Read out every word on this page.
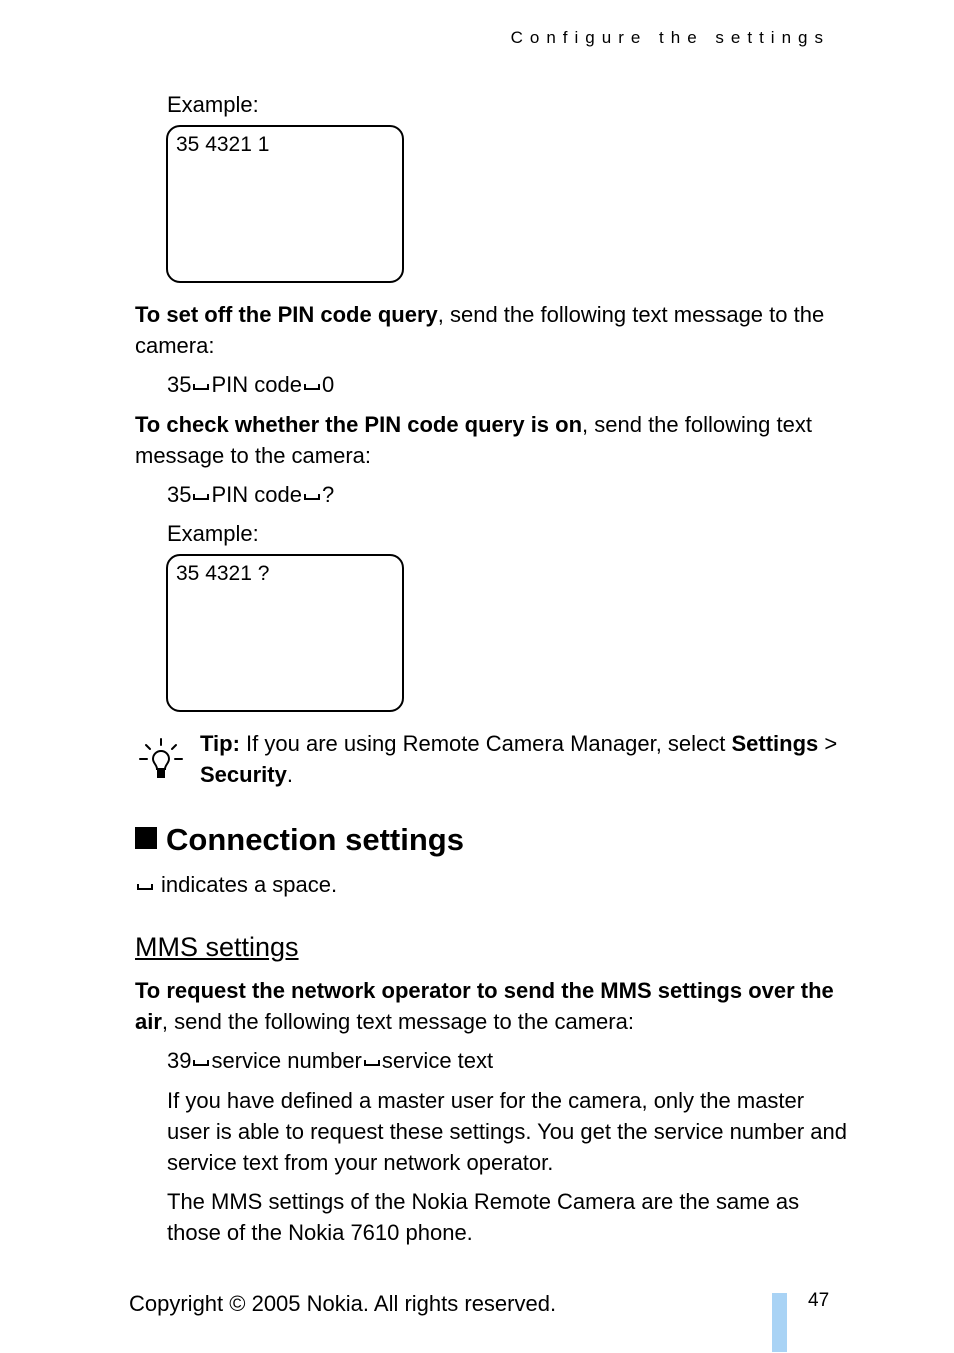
Configure the settings
Example:
35 4321 1
To set off the PIN code query, send the following text message to the
camera:
35 PIN code 0
To check whether the PIN code query is on, send the following text
message to the camera:
35 PIN code ?
Example:
35 4321 ?
Tip: If you are using Remote Camera Manager, select Settings >
Security.
Connection settings
indicates a space.
MMS settings
To request the network operator to send the MMS settings over the
air, send the following text message to the camera:
39 service number service text
If you have defined a master user for the camera, only the master
user is able to request these settings. You get the service number and
service text from your network operator.
The MMS settings of the Nokia Remote Camera are the same as
those of the Nokia 7610 phone.
Copyright © 2005 Nokia. All rights reserved.	47
